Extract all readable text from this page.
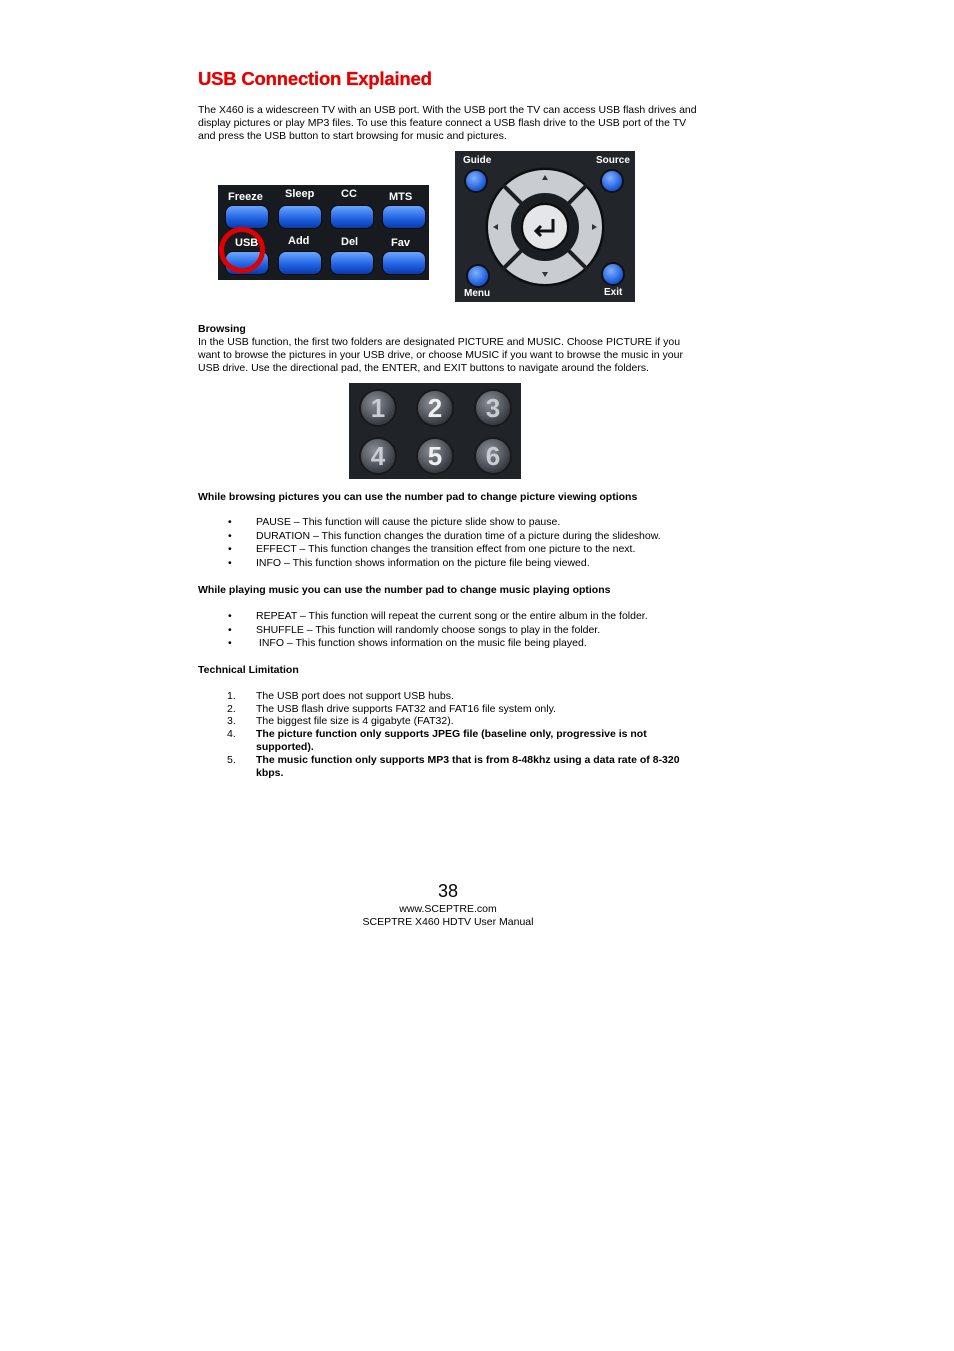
USB Connection Explained
The X460 is a widescreen TV with an USB port. With the USB port the TV can access USB flash drives and display pictures or play MP3 files. To use this feature connect a USB flash drive to the USB port of the TV and press the USB button to start browsing for music and pictures.
Freeze Sleep CC	MTS
USB	Add	Del	Fav
Guide	Source
Menu	Exit
Browsing
In the USB function, the first two folders are designated PICTURE and MUSIC. Choose PICTURE if you want to browse the pictures in your USB drive, or choose MUSIC if you want to browse the music in your USB drive. Use the directional pad, the ENTER, and EXIT buttons to navigate around the folders.
1	2	3
4	5	6
While browsing pictures you can use the number pad to change picture viewing options
• PAUSE – This function will cause the picture slide show to pause.
• DURATION – This function changes the duration time of a picture during the slideshow.
• EFFECT – This function changes the transition effect from one picture to the next.
• INFO – This function shows information on the picture file being viewed.
While playing music you can use the number pad to change music playing options
• REPEAT – This function will repeat the current song or the entire album in the folder.
• SHUFFLE – This function will randomly choose songs to play in the folder.
• INFO – This function shows information on the music file being played.
Technical Limitation
1. The USB port does not support USB hubs.
2. The USB flash drive supports FAT32 and FAT16 file system only.
3. The biggest file size is 4 gigabyte (FAT32).
4. The picture function only supports JPEG file (baseline only, progressive is not supported).
5. The music function only supports MP3 that is from 8-48khz using a data rate of 8-320 kbps.
38
www.SCEPTRE.com
SCEPTRE X460 HDTV User Manual
